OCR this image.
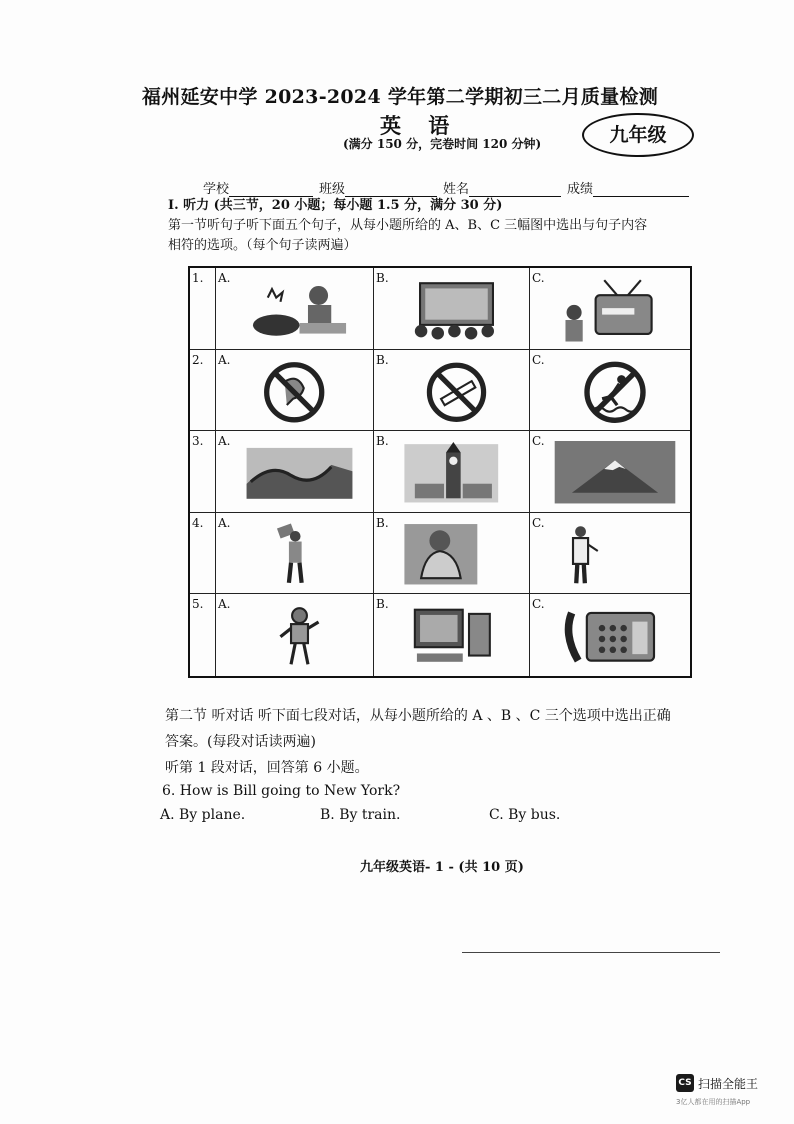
福州延安中学 2023-2024 学年第二学期初三二月质量检测
英 语
(满分 150 分，完卷时间 120 分钟)	九年级
学校	班级	姓名	成绩
I. 听力 (共三节，20 小题；每小题 1.5 分，满分 30 分)
第一节听句子听下面五个句子，从每小题所给的 A、B、C 三幅图中选出与句子内容
相符的选项。（每个句子读两遍）
1.	A.	B.	C.
2.	A.	B.	C.
3.	A.	B.	C.
4.	A.	B.	C.
5.	A.	B.	C.
第二节 听对话 听下面七段对话，从每小题所给的 A 、B 、C 三个选项中选出正确
答案。(每段对话读两遍)
听第 1 段对话，回答第 6 小题。
6. How is Bill going to New York?
A. By plane.	B. By train.	C. By bus.
九年级英语- 1 - (共 10 页)
CS 扫描全能王
3亿人都在用的扫描App
